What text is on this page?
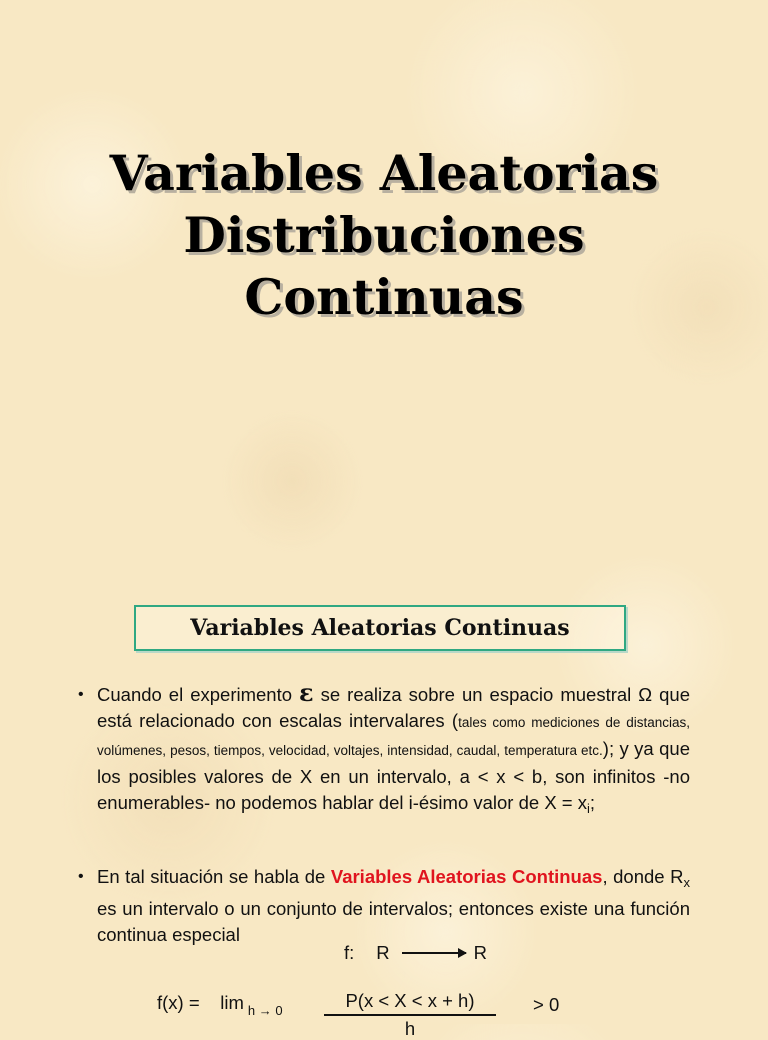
Variables Aleatorias
Distribuciones
Continuas
Variables Aleatorias Continuas
• Cuando el experimento ε se realiza sobre un espacio muestral Ω que está relacionado con escalas intervalares (tales como mediciones de distancias, volúmenes, pesos, tiempos, velocidad, voltajes, intensidad, caudal, temperatura etc.); y ya que los posibles valores de X en un intervalo, a < x < b, son infinitos -no enumerables- no podemos hablar del i-ésimo valor de $X = x_i$;
• En tal situación se habla de Variables Aleatorias Continuas, donde $R_x$ es un intervalo o un conjunto de intervalos; entonces existe una función continua especial
f: R	R
f(x) = lim $_{h \to 0}$	P(x < X < x + h)
h
> 0
